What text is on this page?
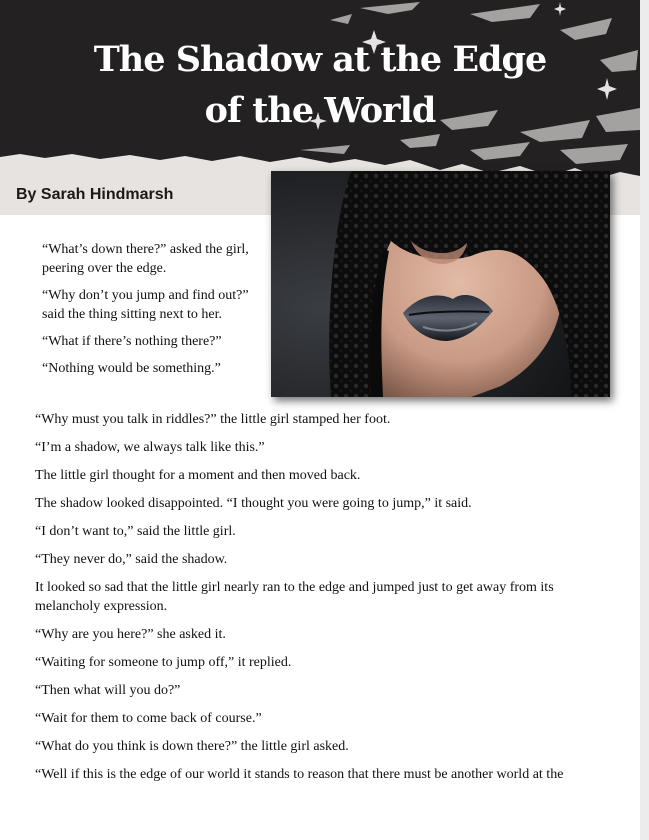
The Shadow at the Edge
of the World

By Sarah Hindmarsh

“What’s down there?” asked the girl, peering over the edge.

“Why don’t you jump and find out?” said the thing sitting next to her.

“What if there’s nothing there?”

“Nothing would be something.”

“Why must you talk in riddles?” the little girl stamped her foot.

“I’m a shadow, we always talk like this.”

The little girl thought for a moment and then moved back.

The shadow looked disappointed. “I thought you were going to jump,” it said.

“I don’t want to,” said the little girl.

“They never do,” said the shadow.

It looked so sad that the little girl nearly ran to the edge and jumped just to get away from its melancholy expression.

“Why are you here?” she asked it.

“Waiting for someone to jump off,” it replied.

“Then what will you do?”

“Wait for them to come back of course.”

“What do you think is down there?” the little girl asked.

“Well if this is the edge of our world it stands to reason that there must be another world at the
